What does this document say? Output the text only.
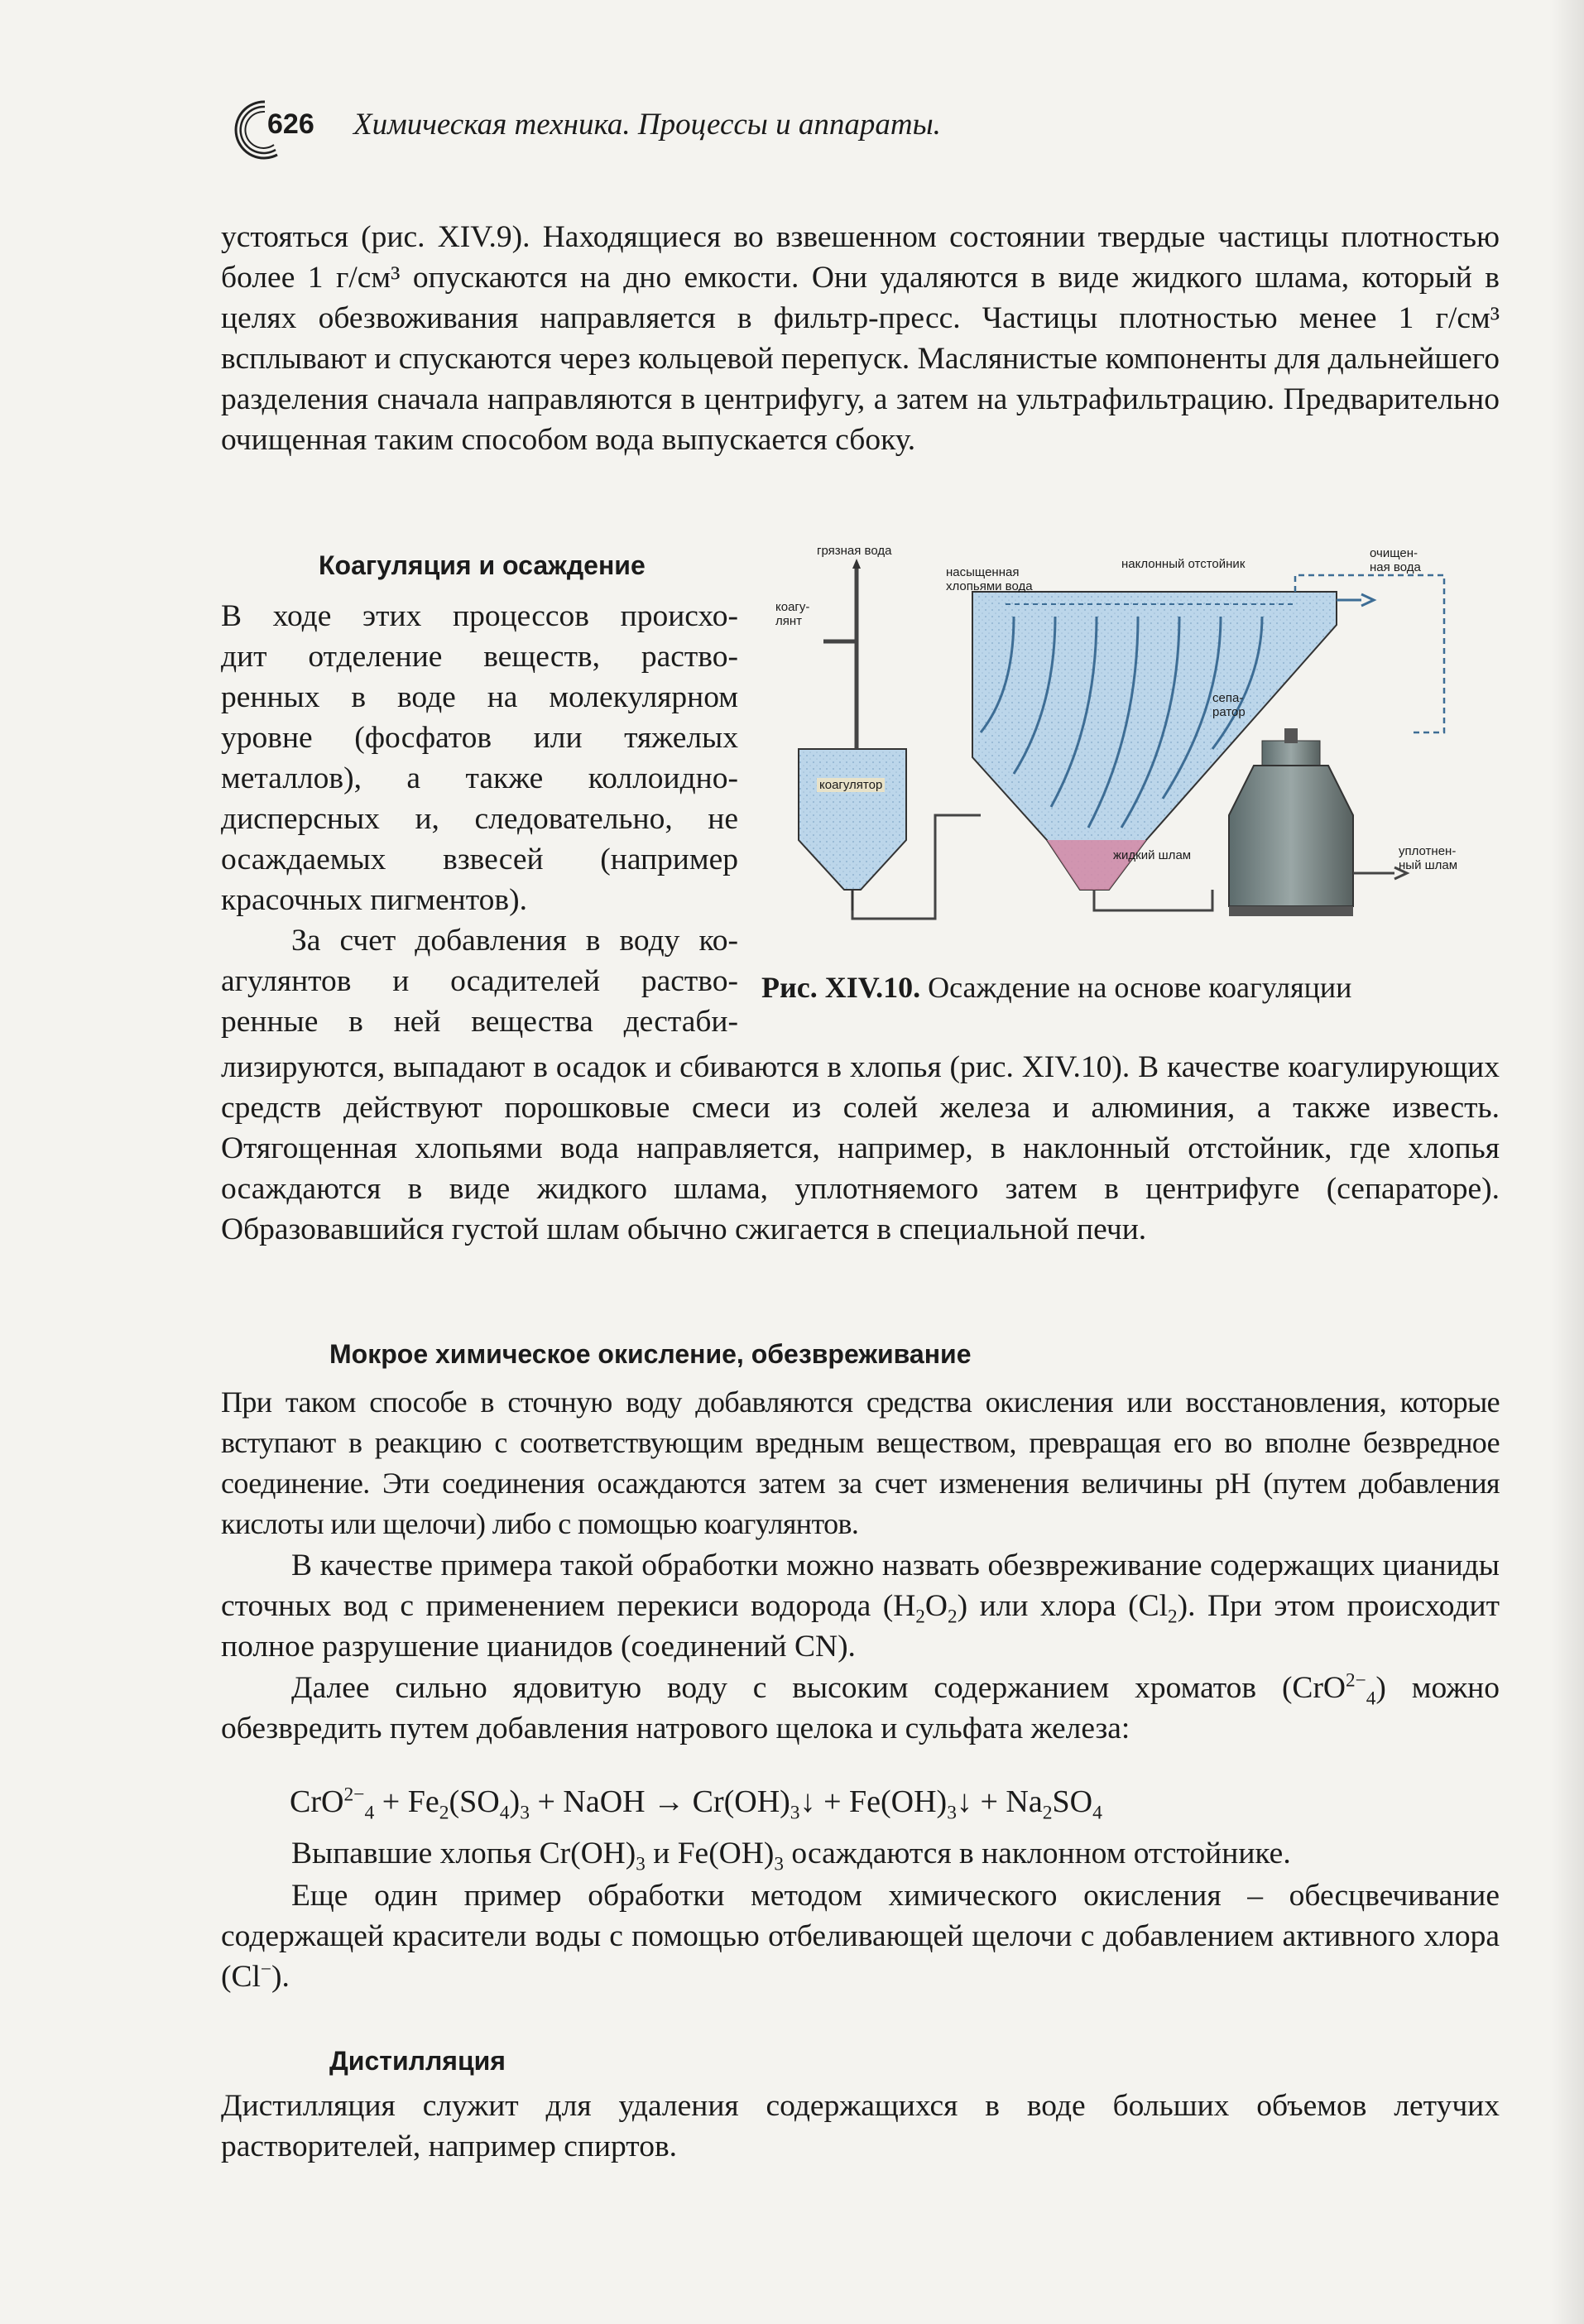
626 Химическая техника. Процессы и аппараты.
устояться (рис. XIV.9). Находящиеся во взвешенном состоянии твердые частицы плотностью более 1 г/см³ опускаются на дно емкости. Они удаляются в виде жидкого шлама, который в целях обезвоживания направляется в фильтр-пресс. Частицы плотностью менее 1 г/см³ всплывают и спускаются через кольцевой перепуск. Маслянистые компоненты для дальнейшего разделения сначала направляются в центрифугу, а затем на ультрафильтрацию. Предварительно очищенная таким способом вода выпускается сбоку.
Коагуляция и осаждение
В ходе этих процессов происхо-
дит отделение веществ, раство-
ренных в воде на молекулярном
уровне (фосфатов или тяжелых
металлов), а также коллоидно-
дисперсных и, следовательно, не
осаждаемых взвесей (например
красочных пигментов).
За счет добавления в воду ко-
агулянтов и осадителей раство-
ренные в ней вещества дестаби-
лизируются, выпадают в осадок и сбиваются в хлопья (рис. XIV.10). В качестве коагулирующих средств действуют порошковые смеси из солей железа и алюминия, а также известь. Отягощенная хлопьями вода направляется, например, в наклонный отстойник, где хлопья осаждаются в виде жидкого шлама, уплотняемого затем в центрифуге (сепараторе). Образовавшийся густой шлам обычно сжигается в специальной печи.
грязная вода
коагу-
лянт
насыщенная
хлопьями вода
наклонный отстойник
очищен-
ная вода
коагулятор
сепа-
ратор
жидкий шлам	уплотнен-
ный шлам
Рис. XIV.10. Осаждение на основе коагуляции
Мокрое химическое окисление, обезвреживание
При таком способе в сточную воду добавляются средства окисления или восстановления, которые вступают в реакцию с соответствующим вредным веществом, превращая его во вполне безвредное соединение. Эти соединения осаждаются затем за счет изменения величины pH (путем добавления кислоты или щелочи) либо с помощью коагулянтов.
В качестве примера такой обработки можно назвать обезвреживание содержащих цианиды сточных вод с применением перекиси водорода $(H_2O_2)$ или хлора $(Cl_2)$. При этом происходит полное разрушение цианидов (соединений CN).
Далее сильно ядовитую воду с высоким содержанием хроматов (CrO$^{2-}_4$) можно обезвредить путем добавления натрового щелока и сульфата железа:
$CrO^{2-}_4 + Fe_2(SO_4)_3$ + NaOH → $Cr(OH)_3↓$ + $Fe(OH)_3↓ + Na_2SO_4$
Выпавшие хлопья $Cr(OH)_3$ и $Fe(OH)_3$ осаждаются в наклонном отстойнике.
Еще один пример обработки методом химического окисления – обесцвечивание содержащей красители воды с помощью отбеливающей щелочи с добавлением активного хлора (Cl−).
Дистилляция
Дистилляция служит для удаления содержащихся в воде больших объемов летучих растворителей, например спиртов.
